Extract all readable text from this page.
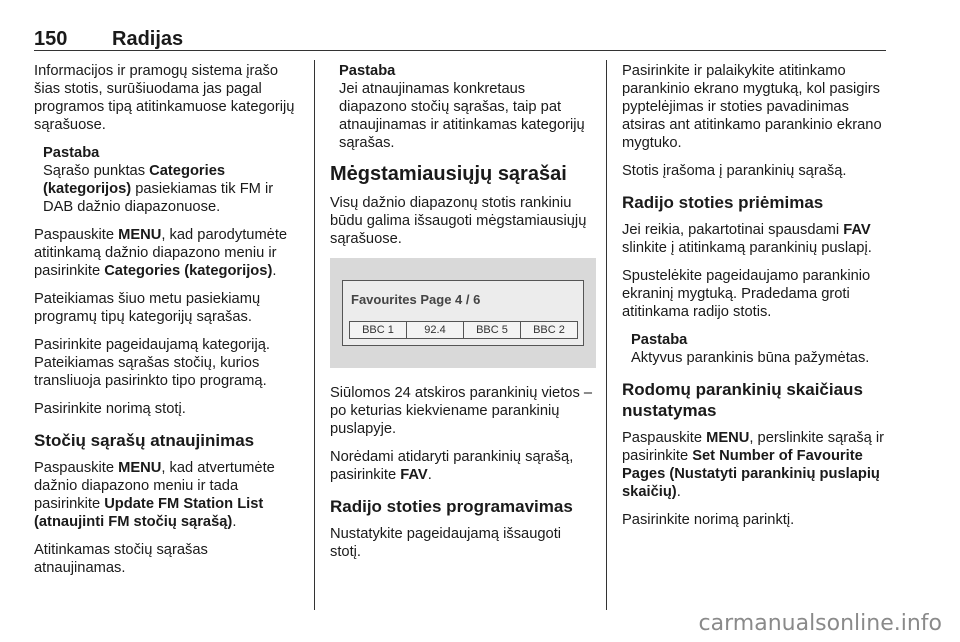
150 Radijas

Informacijos ir pramogų sistema įrašo šias stotis, surūšiuodama jas pagal programos tipą atitinkamuose kategorijų sąrašuose.

Pastaba
Sąrašo punktas Categories (kategorijos) pasiekiamas tik FM ir DAB dažnio diapazonuose.

Paspauskite MENU, kad parodytumėte atitinkamą dažnio diapazono meniu ir pasirinkite Categories (kategorijos).

Pateikiamas šiuo metu pasiekiamų programų tipų kategorijų sąrašas.

Pasirinkite pageidaujamą kategoriją. Pateikiamas sąrašas stočių, kurios transliuoja pasirinkto tipo programą.

Pasirinkite norimą stotį.

Stočių sąrašų atnaujinimas

Paspauskite MENU, kad atvertumėte dažnio diapazono meniu ir tada pasirinkite Update FM Station List (atnaujinti FM stočių sąrašą).

Atitinkamas stočių sąrašas atnaujinamas.

Pastaba
Jei atnaujinamas konkretaus diapazono stočių sąrašas, taip pat atnaujinamas ir atitinkamas kategorijų sąrašas.
Mėgstamiausiųjų sąrašai

Visų dažnio diapazonų stotis rankiniu būdu galima išsaugoti mėgstamiausiųjų sąrašuose.

Favourites Page 4 / 6
BBC 1	92.4	BBC 5	BBC 2

Siūlomos 24 atskiros parankinių vietos – po keturias kiekviename parankinių puslapyje.

Norėdami atidaryti parankinių sąrašą, pasirinkite FAV.

Radijo stoties programavimas

Nustatykite pageidaujamą išsaugoti stotį.

Pasirinkite ir palaikykite atitinkamo parankinio ekrano mygtuką, kol pasigirs pyptelėjimas ir stoties pavadinimas atsiras ant atitinkamo parankinio ekrano mygtuko.

Stotis įrašoma į parankinių sąrašą.

Radijo stoties priėmimas

Jei reikia, pakartotinai spausdami FAV slinkite į atitinkamą parankinių puslapį.

Spustelėkite pageidaujamo parankinio ekraninį mygtuką. Pradedama groti atitinkama radijo stotis.

Pastaba
Aktyvus parankinis būna pažymėtas.
Rodomų parankinių skaičiaus nustatymas

Paspauskite MENU, perslinkite sąrašą ir pasirinkite Set Number of Favourite Pages (Nustatyti parankinių puslapių skaičių).

Pasirinkite norimą parinktį.

carmanualsonline.info
